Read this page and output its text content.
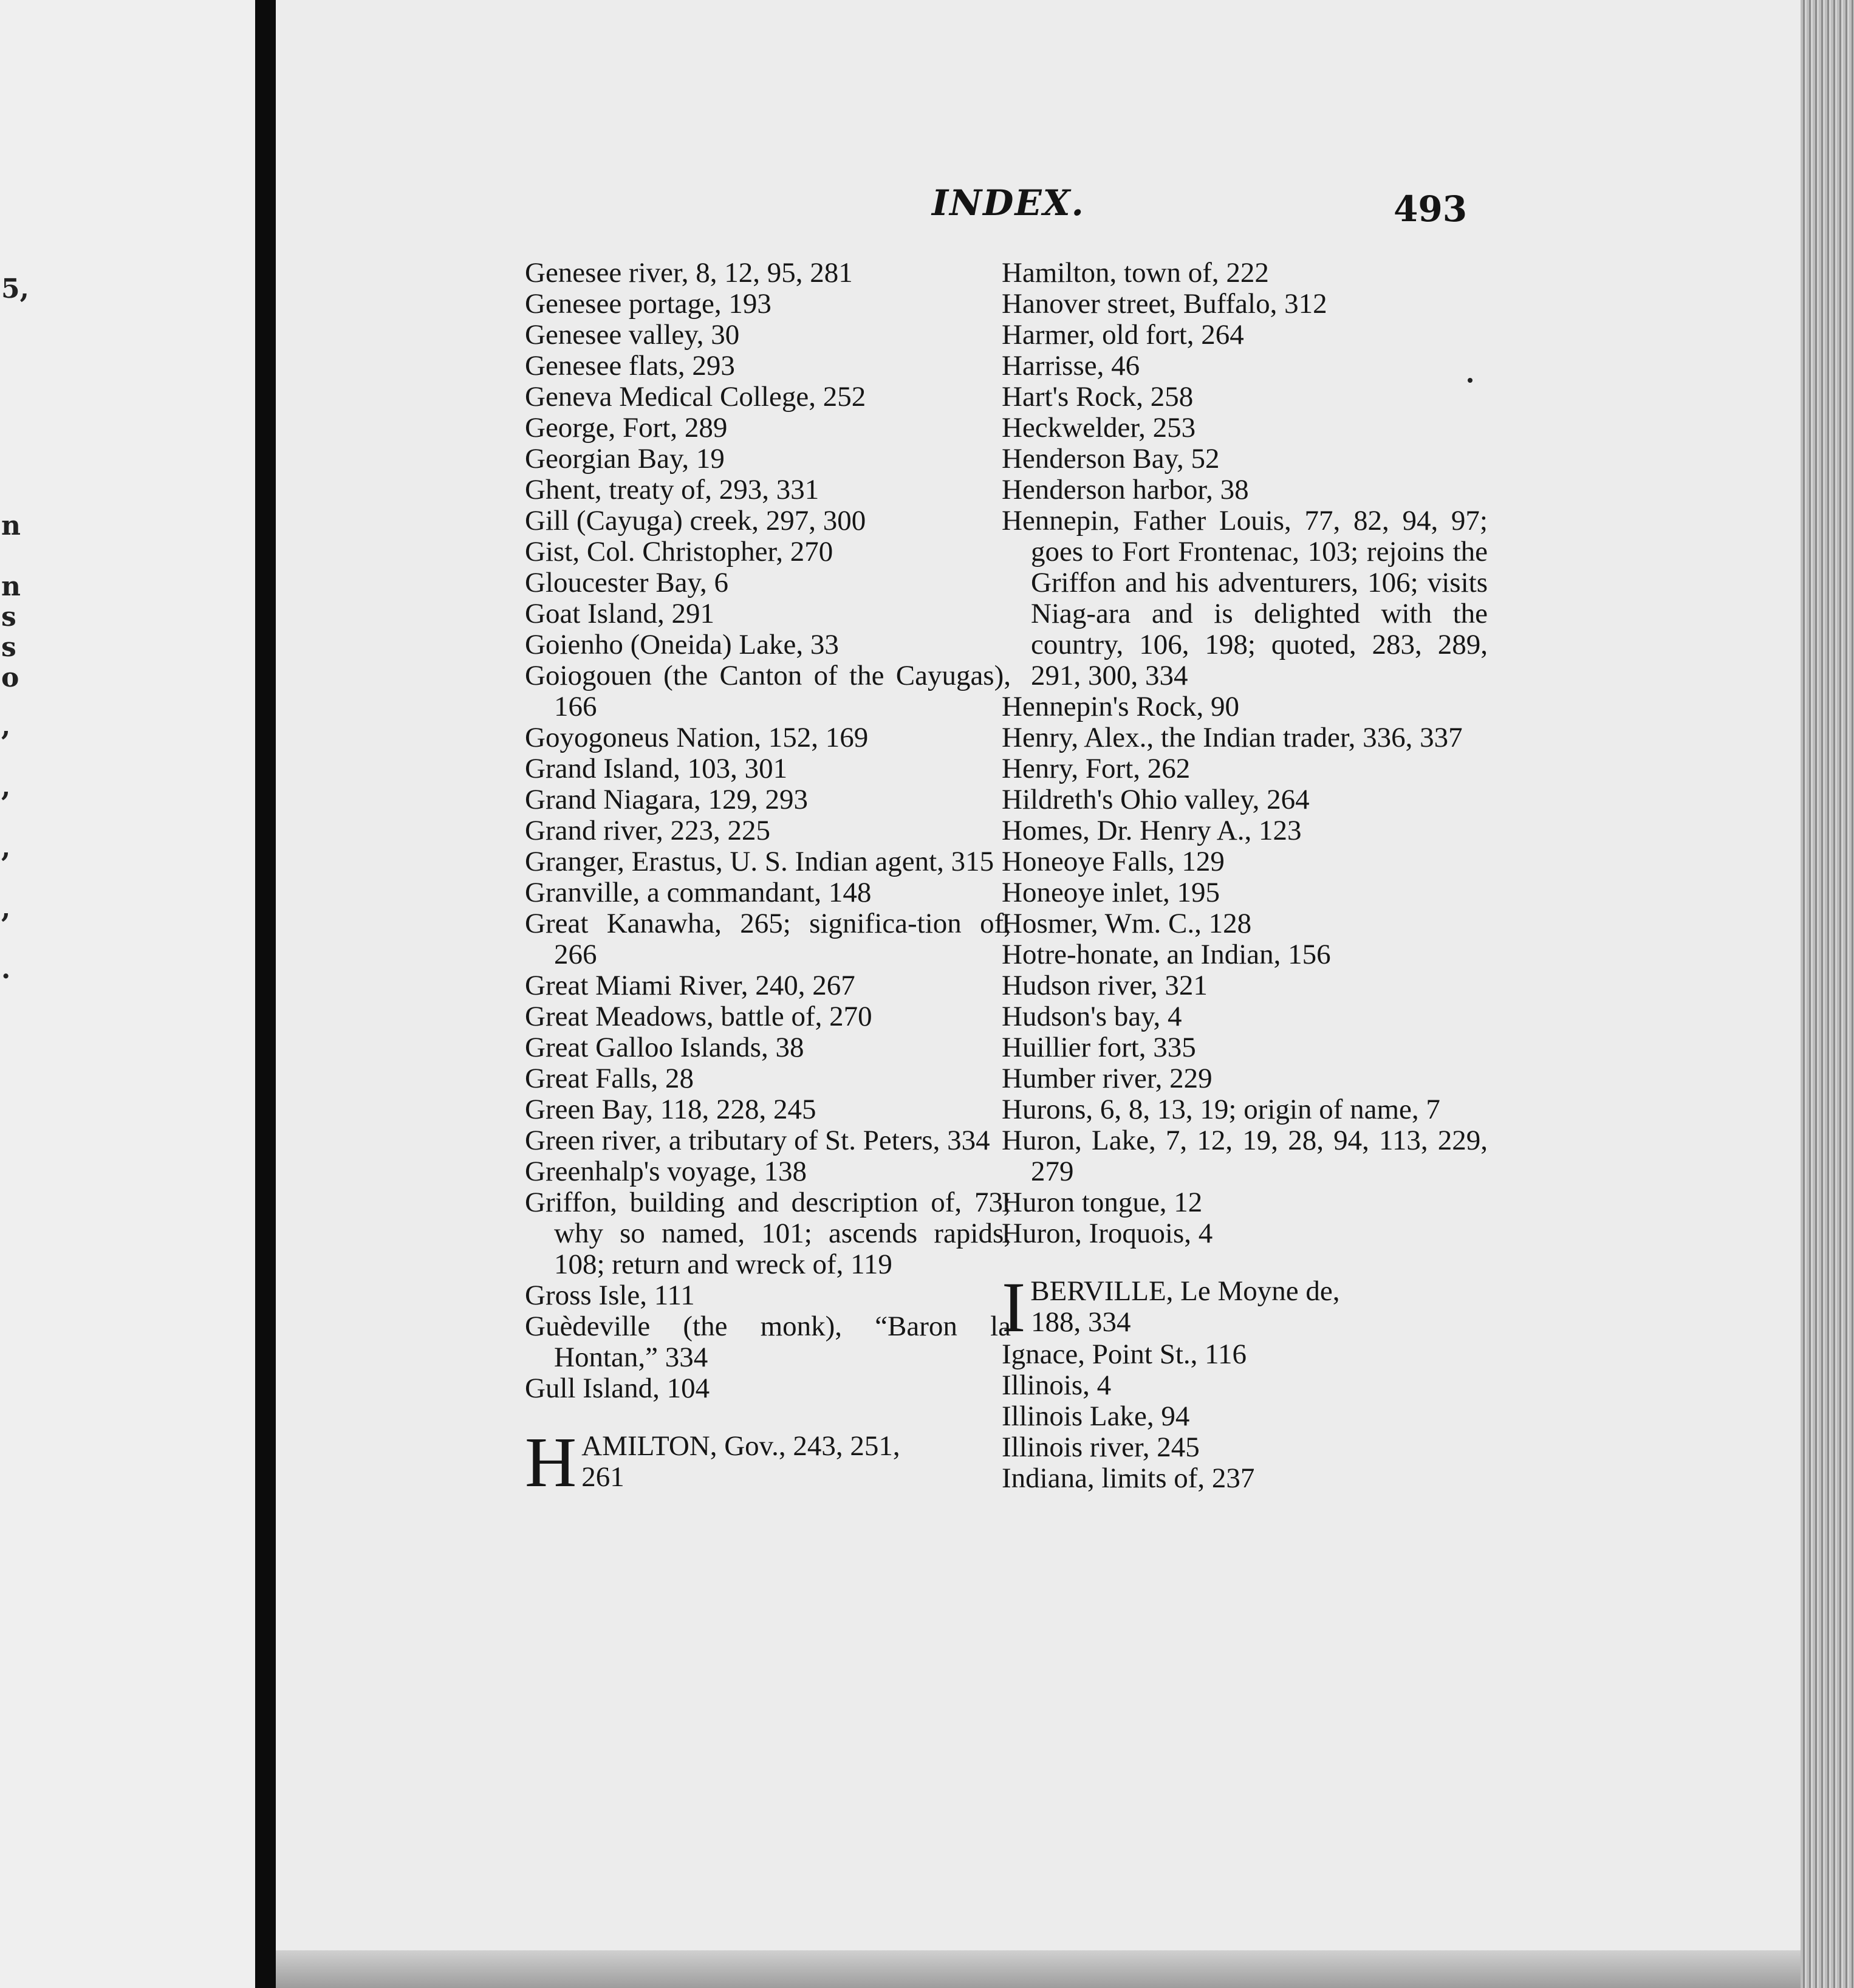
5,
n
n
s
s
o
,
,
,
,
.
INDEX.	493
Genesee river, 8, 12, 95, 281
Genesee portage, 193
Genesee valley, 30
Genesee flats, 293
Geneva Medical College, 252
George, Fort, 289
Georgian Bay, 19
Ghent, treaty of, 293, 331
Gill (Cayuga) creek, 297, 300
Gist, Col. Christopher, 270
Gloucester Bay, 6
Goat Island, 291
Goienho (Oneida) Lake, 33
Goiogouen (the Canton of the Cayugas), 166
Goyogoneus Nation, 152, 169
Grand Island, 103, 301
Grand Niagara, 129, 293
Grand river, 223, 225
Granger, Erastus, U. S. Indian agent, 315
Granville, a commandant, 148
Great Kanawha, 265; significa-tion of, 266
Great Miami River, 240, 267
Great Meadows, battle of, 270
Great Galloo Islands, 38
Great Falls, 28
Green Bay, 118, 228, 245
Green river, a tributary of St. Peters, 334
Greenhalp's voyage, 138
Griffon, building and description of, 73; why so named, 101; ascends rapids, 108; return and wreck of, 119
Gross Isle, 111
Guèdeville (the monk), “Baron la Hontan,” 334
Gull Island, 104
H AMILTON, Gov., 243, 251,
261
Hamilton, town of, 222
Hanover street, Buffalo, 312
Harmer, old fort, 264
Harrisse, 46
Hart's Rock, 258
Heckwelder, 253
Henderson Bay, 52
Henderson harbor, 38
Hennepin, Father Louis, 77, 82, 94, 97; goes to Fort Frontenac, 103; rejoins the Griffon and his adventurers, 106; visits Niag-ara and is delighted with the country, 106, 198; quoted, 283, 289, 291, 300, 334
Hennepin's Rock, 90
Henry, Alex., the Indian trader, 336, 337
Henry, Fort, 262
Hildreth's Ohio valley, 264
Homes, Dr. Henry A., 123
Honeoye Falls, 129
Honeoye inlet, 195
Hosmer, Wm. C., 128
Hotre-honate, an Indian, 156
Hudson river, 321
Hudson's bay, 4
Huillier fort, 335
Humber river, 229
Hurons, 6, 8, 13, 19; origin of name, 7
Huron, Lake, 7, 12, 19, 28, 94, 113, 229, 279
Huron tongue, 12
Huron, Iroquois, 4
I BERVILLE, Le Moyne de,
188, 334
Ignace, Point St., 116
Illinois, 4
Illinois Lake, 94
Illinois river, 245
Indiana, limits of, 237
